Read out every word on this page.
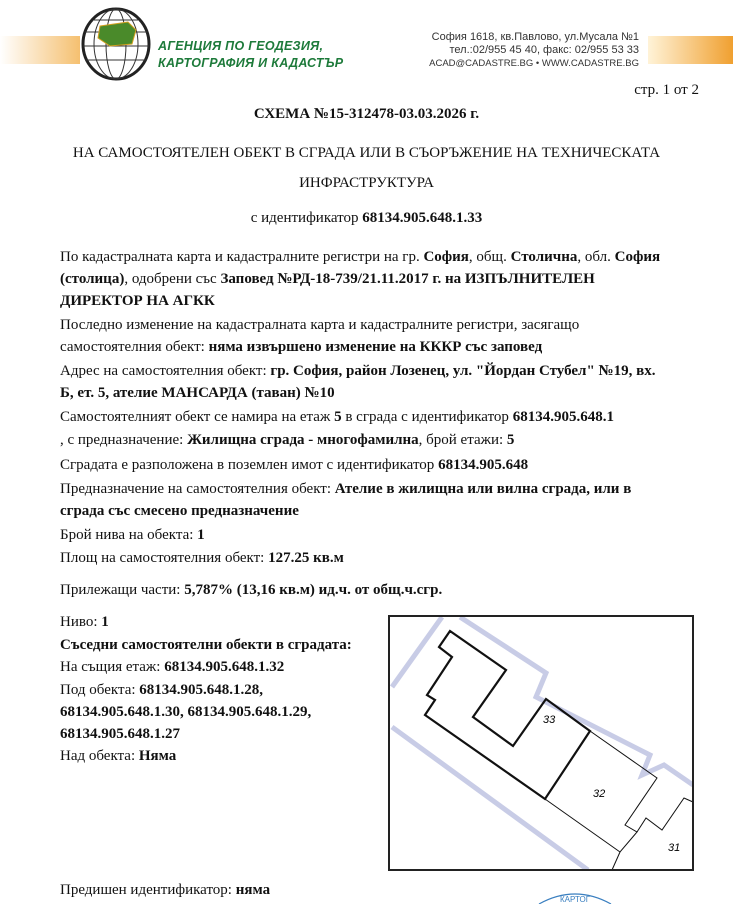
АГЕНЦИЯ ПО ГЕОДЕЗИЯ,
КАРТОГРАФИЯ И КАДАСТЪР
София 1618, кв.Павлово, ул.Мусала №1
тел.:02/955 45 40, факс: 02/955 53 33
ACAD@CADASTRE.BG • WWW.CADASTRE.BG
стр. 1 от 2
СХЕМА №15-312478-03.03.2026 г.
НА САМОСТОЯТЕЛЕН ОБЕКТ В СГРАДА ИЛИ В СЪОРЪЖЕНИЕ НА ТЕХНИЧЕСКАТА
ИНФРАСТРУКТУРА
с идентификатор 68134.905.648.1.33
По кадастралната карта и кадастралните регистри на гр. София, общ. Столична, обл. София
(столица), одобрени със Заповед №РД-18-739/21.11.2017 г. на ИЗПЪЛНИТЕЛЕН
ДИРЕКТОР НА АГКК
Последно изменение на кадастралната карта и кадастралните регистри, засягащо
самостоятелния обект: няма извършено изменение на КККР със заповед
Адрес на самостоятелния обект: гр. София, район Лозенец, ул. "Йордан Стубел" №19, вх.
Б, ет. 5, ателие МАНСАРДА (таван) №10
Самостоятелният обект се намира на етаж 5 в сграда с идентификатор 68134.905.648.1
, с предназначение: Жилищна сграда - многофамилна, брой етажи: 5
Сградата е разположена в поземлен имот с идентификатор 68134.905.648
Предназначение на самостоятелния обект: Ателие в жилищна или вилна сграда, или в
сграда със смесено предназначение
Брой нива на обекта: 1
Площ на самостоятелния обект: 127.25 кв.м
Прилежащи части: 5,787% (13,16 кв.м) ид.ч. от общ.ч.сгр.
Ниво: 1
Съседни самостоятелни обекти в сградата:
На същия етаж: 68134.905.648.1.32
Под обекта: 68134.905.648.1.28,
68134.905.648.1.30, 68134.905.648.1.29,
68134.905.648.1.27
Над обекта: Няма
Предишен идентификатор: няма
33
32
31
КАРТОГ
